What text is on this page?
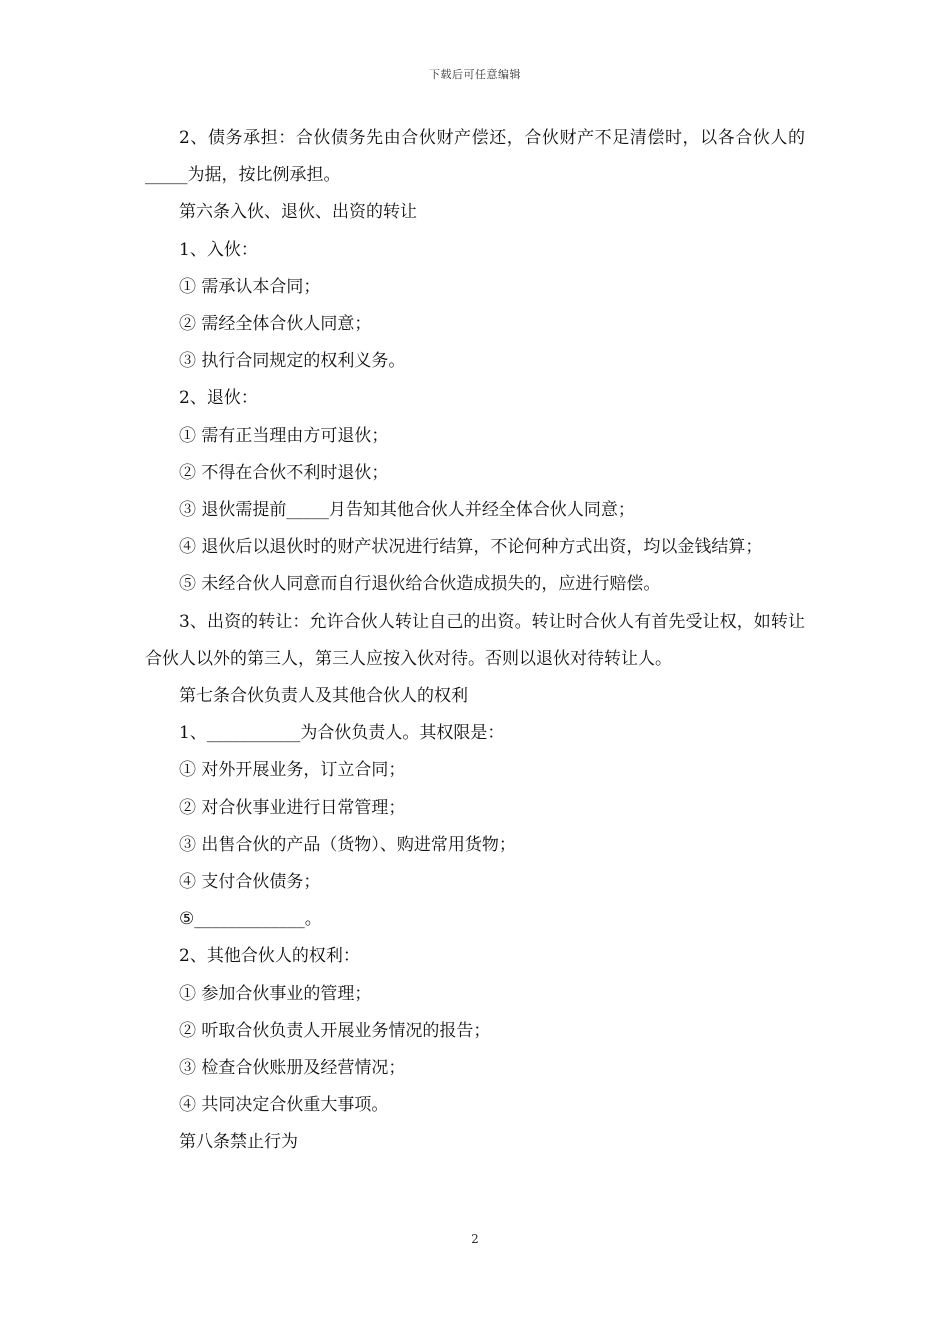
下载后可任意编辑

2、债务承担：合伙债务先由合伙财产偿还，合伙财产不足清偿时，以各合伙人的_____为据，按比例承担。

第六条入伙、退伙、出资的转让

1、入伙：

① 需承认本合同；

② 需经全体合伙人同意；

③ 执行合同规定的权利义务。

2、退伙：

① 需有正当理由方可退伙；

② 不得在合伙不利时退伙；

③ 退伙需提前_____月告知其他合伙人并经全体合伙人同意；

④ 退伙后以退伙时的财产状况进行结算，不论何种方式出资，均以金钱结算；

⑤ 未经合伙人同意而自行退伙给合伙造成损失的，应进行赔偿。

3、出资的转让：允许合伙人转让自己的出资。转让时合伙人有首先受让权，如转让合伙人以外的第三人，第三人应按入伙对待。否则以退伙对待转让人。

第七条合伙负责人及其他合伙人的权利

1、___________为合伙负责人。其权限是：

① 对外开展业务，订立合同；

② 对合伙事业进行日常管理；

③ 出售合伙的产品（货物）、购进常用货物；

④ 支付合伙债务；

⑤_____________。

2、其他合伙人的权利：

① 参加合伙事业的管理；

② 听取合伙负责人开展业务情况的报告；

③ 检查合伙账册及经营情况；

④ 共同决定合伙重大事项。

第八条禁止行为

2
